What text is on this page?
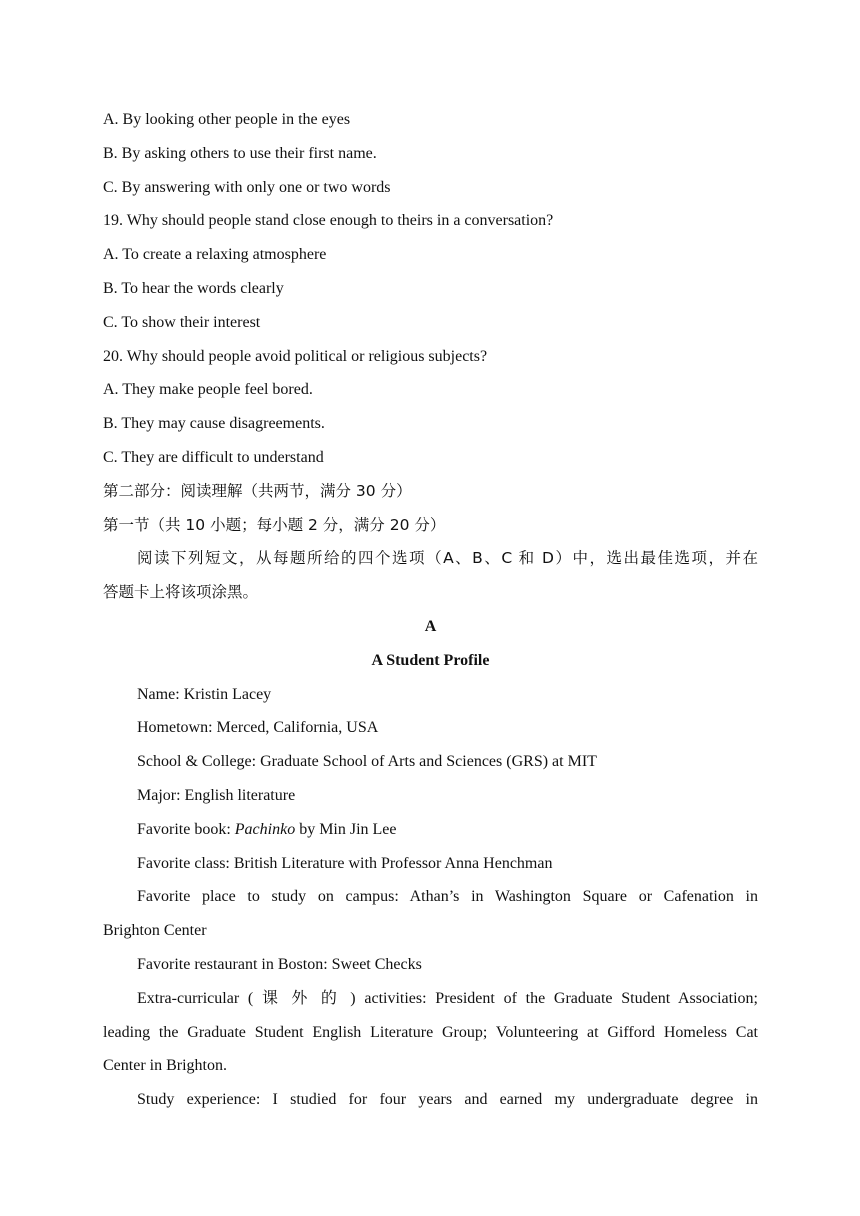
A. By looking other people in the eyes
B. By asking others to use their first name.
C. By answering with only one or two words
19. Why should people stand close enough to theirs in a conversation?
A. To create a relaxing atmosphere
B. To hear the words clearly
C. To show their interest
20. Why should people avoid political or religious subjects?
A. They make people feel bored.
B. They may cause disagreements.
C. They are difficult to understand
第二部分：阅读理解（共两节，满分 30 分）
第一节（共 10 小题；每小题 2 分，满分 20 分）
阅读下列短文，从每题所给的四个选项（A、B、C 和 D）中，选出最佳选项，并在
答题卡上将该项涂黑。
A
A Student Profile
Name: Kristin Lacey
Hometown: Merced, California, USA
School & College: Graduate School of Arts and Sciences (GRS) at MIT
Major: English literature
Favorite book: Pachinko by Min Jin Lee
Favorite class: British Literature with Professor Anna Henchman
Favorite place to study on campus: Athan’s in Washington Square or Cafenation in
Brighton Center
Favorite restaurant in Boston: Sweet Checks
Extra-curricular ( 课 外 的 ) activities: President of the Graduate Student Association;
leading the Graduate Student English Literature Group; Volunteering at Gifford Homeless Cat
Center in Brighton.
Study experience: I studied for four years and earned my undergraduate degree in
